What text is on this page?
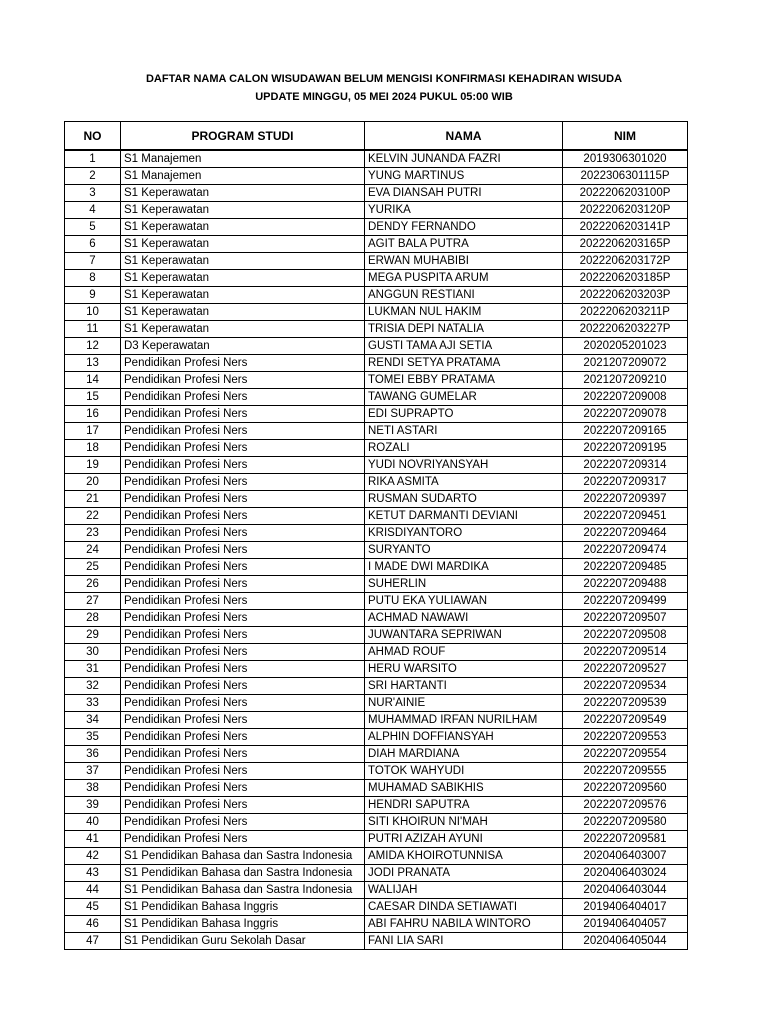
DAFTAR NAMA CALON WISUDAWAN BELUM MENGISI KONFIRMASI KEHADIRAN WISUDA
UPDATE MINGGU, 05 MEI 2024 PUKUL 05:00 WIB
NO	PROGRAM STUDI	NAMA	NIM
1	S1 Manajemen	KELVIN JUNANDA FAZRI	2019306301020
2	S1 Manajemen	YUNG MARTINUS	2022306301115P
3	S1 Keperawatan	EVA DIANSAH PUTRI	2022206203100P
4	S1 Keperawatan	YURIKA	2022206203120P
5	S1 Keperawatan	DENDY FERNANDO	2022206203141P
6	S1 Keperawatan	AGIT BALA PUTRA	2022206203165P
7	S1 Keperawatan	ERWAN MUHABIBI	2022206203172P
8	S1 Keperawatan	MEGA PUSPITA ARUM	2022206203185P
9	S1 Keperawatan	ANGGUN RESTIANI	2022206203203P
10	S1 Keperawatan	LUKMAN NUL HAKIM	2022206203211P
11	S1 Keperawatan	TRISIA DEPI NATALIA	2022206203227P
12	D3 Keperawatan	GUSTI TAMA AJI SETIA	2020205201023
13	Pendidikan Profesi Ners	RENDI SETYA PRATAMA	2021207209072
14	Pendidikan Profesi Ners	TOMEI EBBY PRATAMA	2021207209210
15	Pendidikan Profesi Ners	TAWANG GUMELAR	2022207209008
16	Pendidikan Profesi Ners	EDI SUPRAPTO	2022207209078
17	Pendidikan Profesi Ners	NETI ASTARI	2022207209165
18	Pendidikan Profesi Ners	ROZALI	2022207209195
19	Pendidikan Profesi Ners	YUDI NOVRIYANSYAH	2022207209314
20	Pendidikan Profesi Ners	RIKA ASMITA	2022207209317
21	Pendidikan Profesi Ners	RUSMAN SUDARTO	2022207209397
22	Pendidikan Profesi Ners	KETUT DARMANTI DEVIANI	2022207209451
23	Pendidikan Profesi Ners	KRISDIYANTORO	2022207209464
24	Pendidikan Profesi Ners	SURYANTO	2022207209474
25	Pendidikan Profesi Ners	I MADE DWI MARDIKA	2022207209485
26	Pendidikan Profesi Ners	SUHERLIN	2022207209488
27	Pendidikan Profesi Ners	PUTU EKA YULIAWAN	2022207209499
28	Pendidikan Profesi Ners	ACHMAD NAWAWI	2022207209507
29	Pendidikan Profesi Ners	JUWANTARA SEPRIWAN	2022207209508
30	Pendidikan Profesi Ners	AHMAD ROUF	2022207209514
31	Pendidikan Profesi Ners	HERU WARSITO	2022207209527
32	Pendidikan Profesi Ners	SRI HARTANTI	2022207209534
33	Pendidikan Profesi Ners	NUR'AINIE	2022207209539
34	Pendidikan Profesi Ners	MUHAMMAD IRFAN NURILHAM	2022207209549
35	Pendidikan Profesi Ners	ALPHIN DOFFIANSYAH	2022207209553
36	Pendidikan Profesi Ners	DIAH MARDIANA	2022207209554
37	Pendidikan Profesi Ners	TOTOK WAHYUDI	2022207209555
38	Pendidikan Profesi Ners	MUHAMAD SABIKHIS	2022207209560
39	Pendidikan Profesi Ners	HENDRI SAPUTRA	2022207209576
40	Pendidikan Profesi Ners	SITI KHOIRUN NI'MAH	2022207209580
41	Pendidikan Profesi Ners	PUTRI AZIZAH AYUNI	2022207209581
42	S1 Pendidikan Bahasa dan Sastra Indonesia	AMIDA KHOIROTUNNISA	2020406403007
43	S1 Pendidikan Bahasa dan Sastra Indonesia	JODI PRANATA	2020406403024
44	S1 Pendidikan Bahasa dan Sastra Indonesia	WALIJAH	2020406403044
45	S1 Pendidikan Bahasa Inggris	CAESAR DINDA SETIAWATI	2019406404017
46	S1 Pendidikan Bahasa Inggris	ABI FAHRU NABILA WINTORO	2019406404057
47	S1 Pendidikan Guru Sekolah Dasar	FANI LIA SARI	2020406405044
